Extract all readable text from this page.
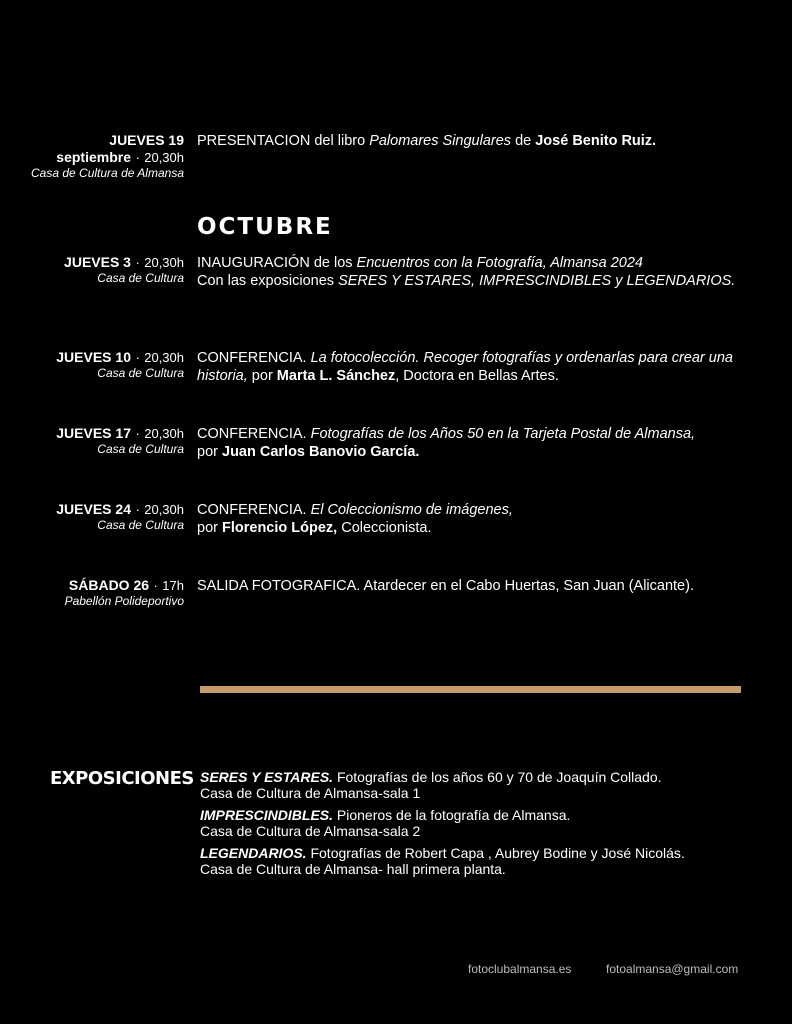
JUEVES 19
septiembre · 20,30h
Casa de Cultura de Almansa
PRESENTACION del libro Palomares Singulares de José Benito Ruiz.
OCTUBRE
JUEVES 3 · 20,30h
Casa de Cultura
INAUGURACIÓN de los Encuentros con la Fotografía, Almansa 2024
Con las exposiciones SERES Y ESTARES, IMPRESCINDIBLES y LEGENDARIOS.
JUEVES 10 · 20,30h
Casa de Cultura
CONFERENCIA. La fotocolección. Recoger fotografías y ordenarlas para crear una historia, por Marta L. Sánchez, Doctora en Bellas Artes.
JUEVES 17 · 20,30h
Casa de Cultura
CONFERENCIA. Fotografías de los Años 50 en la Tarjeta Postal de Almansa,
por Juan Carlos Banovio García.
JUEVES 24 · 20,30h
Casa de Cultura
CONFERENCIA. El Coleccionismo de imágenes,
por Florencio López, Coleccionista.
SÁBADO 26 · 17h
Pabellón Polideportivo
SALIDA FOTOGRAFICA. Atardecer en el Cabo Huertas, San Juan (Alicante).
EXPOSICIONES SERES Y ESTARES. Fotografías de los años 60 y 70 de Joaquín Collado.
Casa de Cultura de Almansa-sala 1
IMPRESCINDIBLES. Pioneros de la fotografía de Almansa.
Casa de Cultura de Almansa-sala 2
LEGENDARIOS. Fotografías de Robert Capa , Aubrey Bodine y José Nicolás.
Casa de Cultura de Almansa- hall primera planta.
fotoclubalmansa.es	fotoalmansa@gmail.com
